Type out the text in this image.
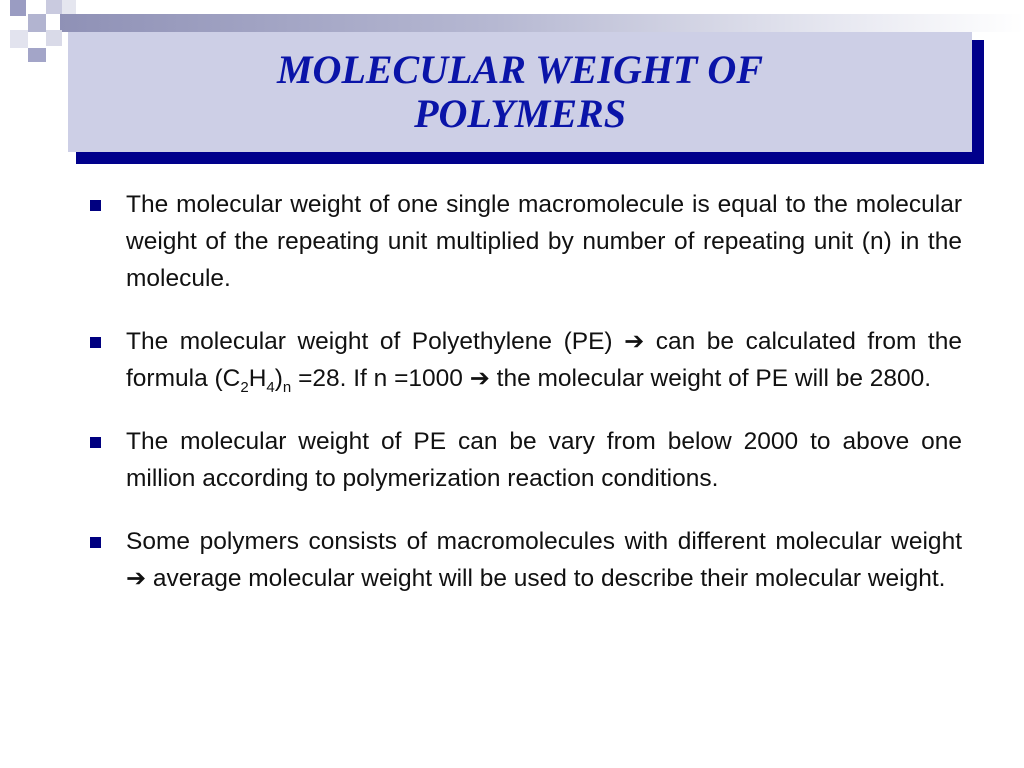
MOLECULAR WEIGHT OF POLYMERS

The molecular weight of one single macromolecule is equal to the molecular weight of the repeating unit multiplied by number of repeating unit (n) in the molecule.

The molecular weight of Polyethylene (PE) ➔ can be calculated from the formula $(C_2H_4)_n =28$. If n =1000 ➔ the molecular weight of PE will be 2800.

The molecular weight of PE can be vary from below 2000 to above one million according to polymerization reaction conditions.

Some polymers consists of macromolecules with different molecular weight ➔ average molecular weight will be used to describe their molecular weight.
